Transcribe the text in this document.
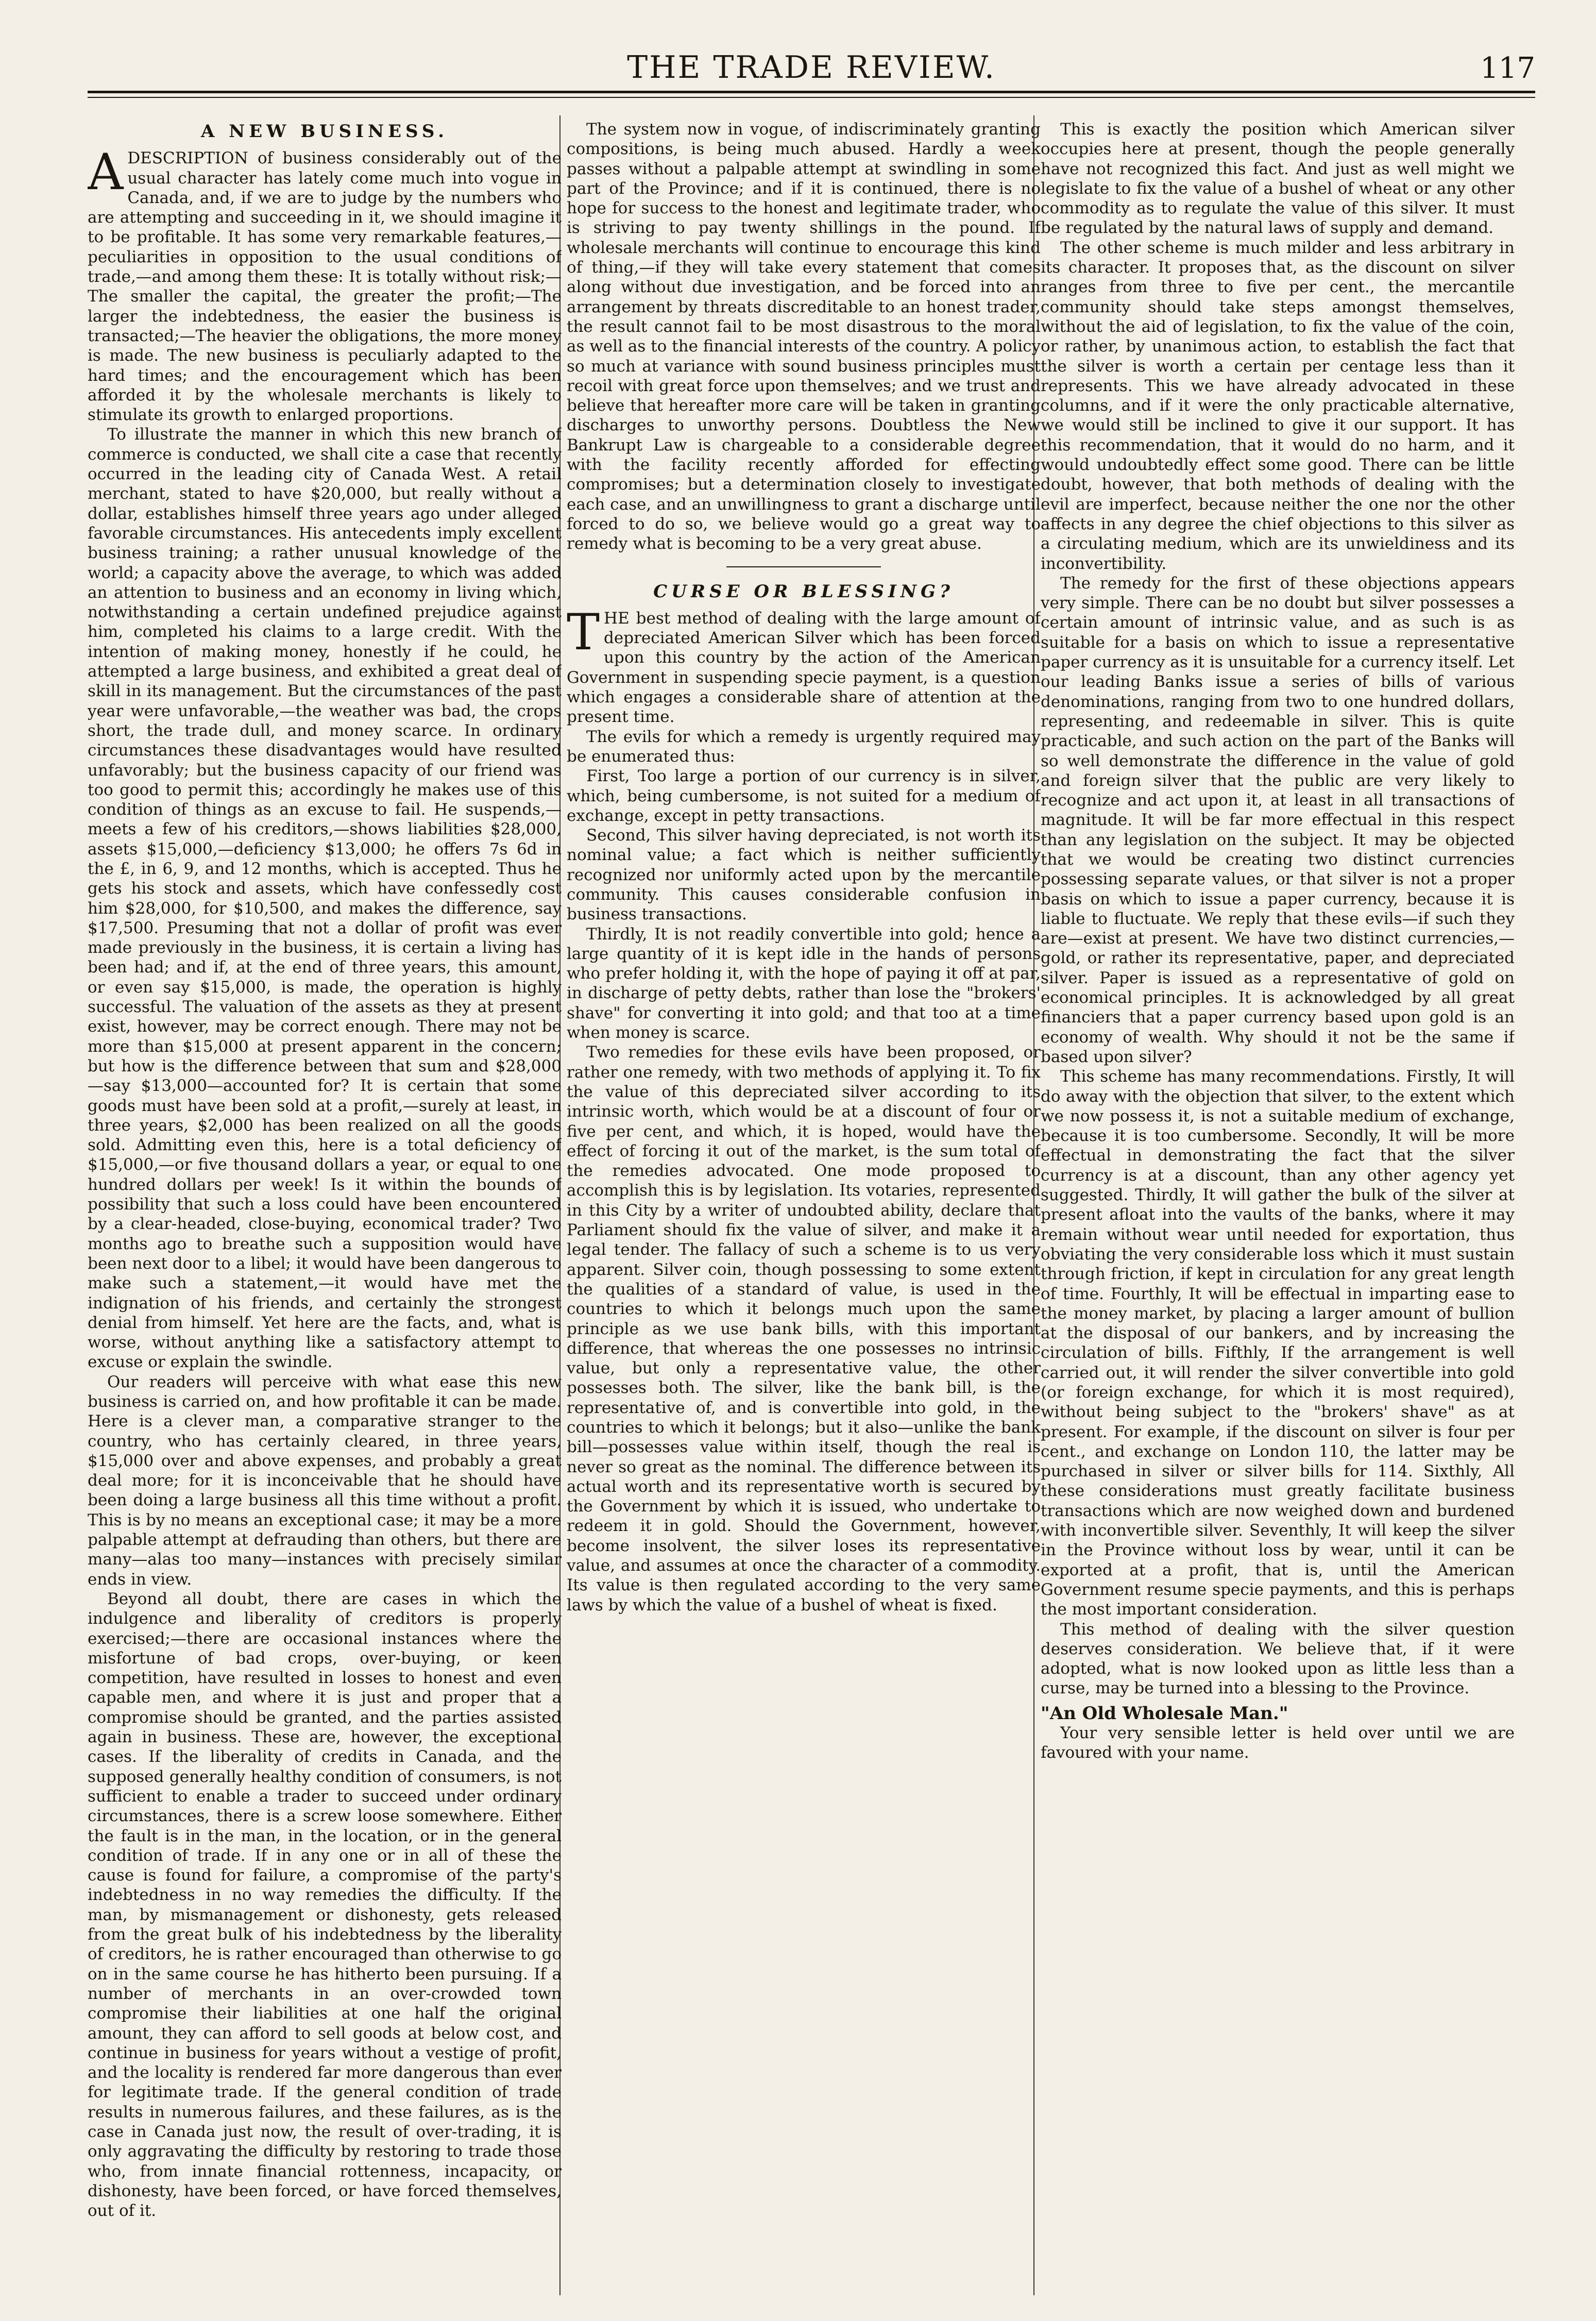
THE TRADE REVIEW.	117
A NEW BUSINESS.

ADESCRIPTION of business considerably out of the usual character has lately come much into vogue in Canada, and, if we are to judge by the numbers who are attempting and succeeding in it, we should imagine it to be profitable. It has some very remarkable features,—peculiarities in opposition to the usual conditions of trade,—and among them these: It is totally without risk;—The smaller the capital, the greater the profit;—The larger the indebtedness, the easier the business is transacted;—The heavier the obligations, the more money is made. The new business is peculiarly adapted to the hard times; and the encouragement which has been afforded it by the wholesale merchants is likely to stimulate its growth to enlarged proportions.

To illustrate the manner in which this new branch of commerce is conducted, we shall cite a case that recently occurred in the leading city of Canada West. A retail merchant, stated to have $20,000, but really without a dollar, establishes himself three years ago under alleged favorable circumstances. His antecedents imply excellent business training; a rather unusual knowledge of the world; a capacity above the average, to which was added an attention to business and an economy in living which, notwithstanding a certain undefined prejudice against him, completed his claims to a large credit. With the intention of making money, honestly if he could, he attempted a large business, and exhibited a great deal of skill in its management. But the circumstances of the past year were unfavorable,—the weather was bad, the crops short, the trade dull, and money scarce. In ordinary circumstances these disadvantages would have resulted unfavorably; but the business capacity of our friend was too good to permit this; accordingly he makes use of this condition of things as an excuse to fail. He suspends,—meets a few of his creditors,—shows liabilities $28,000, assets $15,000,—deficiency $13,000; he offers 7s 6d in the £, in 6, 9, and 12 months, which is accepted. Thus he gets his stock and assets, which have confessedly cost him $28,000, for $10,500, and makes the difference, say $17,500. Presuming that not a dollar of profit was ever made previously in the business, it is certain a living has been had; and if, at the end of three years, this amount, or even say $15,000, is made, the operation is highly successful. The valuation of the assets as they at present exist, however, may be correct enough. There may not be more than $15,000 at present apparent in the concern; but how is the difference between that sum and $28,000—say $13,000—accounted for? It is certain that some goods must have been sold at a profit,—surely at least, in three years, $2,000 has been realized on all the goods sold. Admitting even this, here is a total deficiency of $15,000,—or five thousand dollars a year, or equal to one hundred dollars per week! Is it within the bounds of possibility that such a loss could have been encountered by a clear-headed, close-buying, economical trader? Two months ago to breathe such a supposition would have been next door to a libel; it would have been dangerous to make such a statement,—it would have met the indignation of his friends, and certainly the strongest denial from himself. Yet here are the facts, and, what is worse, without anything like a satisfactory attempt to excuse or explain the swindle.

Our readers will perceive with what ease this new business is carried on, and how profitable it can be made. Here is a clever man, a comparative stranger to the country, who has certainly cleared, in three years, $15,000 over and above expenses, and probably a great deal more; for it is inconceivable that he should have been doing a large business all this time without a profit. This is by no means an exceptional case; it may be a more palpable attempt at defrauding than others, but there are many—alas too many—instances with precisely similar ends in view.

Beyond all doubt, there are cases in which the indulgence and liberality of creditors is properly exercised;—there are occasional instances where the misfortune of bad crops, over-buying, or keen competition, have resulted in losses to honest and even capable men, and where it is just and proper that a compromise should be granted, and the parties assisted again in business. These are, however, the exceptional cases. If the liberality of credits in Canada, and the supposed generally healthy condition of consumers, is not sufficient to enable a trader to succeed under ordinary circumstances, there is a screw loose somewhere. Either the fault is in the man, in the location, or in the general condition of trade. If in any one or in all of these the cause is found for failure, a compromise of the party's indebtedness in no way remedies the difficulty. If the man, by mismanagement or dishonesty, gets released from the great bulk of his indebtedness by the liberality of creditors, he is rather encouraged than otherwise to go on in the same course he has hitherto been pursuing. If a number of merchants in an over-crowded town compromise their liabilities at one half the original amount, they can afford to sell goods at below cost, and continue in business for years without a vestige of profit, and the locality is rendered far more dangerous than ever for legitimate trade. If the general condition of trade results in numerous failures, and these failures, as is the case in Canada just now, the result of over-trading, it is only aggravating the difficulty by restoring to trade those who, from innate financial rottenness, incapacity, or dishonesty, have been forced, or have forced themselves, out of it.

The system now in vogue, of indiscriminately granting compositions, is being much abused. Hardly a week passes without a palpable attempt at swindling in some part of the Province; and if it is continued, there is no hope for success to the honest and legitimate trader, who is striving to pay twenty shillings in the pound. If wholesale merchants will continue to encourage this kind of thing,—if they will take every statement that comes along without due investigation, and be forced into an arrangement by threats discreditable to an honest trader, the result cannot fail to be most disastrous to the moral as well as to the financial interests of the country. A policy so much at variance with sound business principles must recoil with great force upon themselves; and we trust and believe that hereafter more care will be taken in granting discharges to unworthy persons. Doubtless the New Bankrupt Law is chargeable to a considerable degree with the facility recently afforded for effecting compromises; but a determination closely to investigate each case, and an unwillingness to grant a discharge until forced to do so, we believe would go a great way to remedy what is becoming to be a very great abuse.

CURSE OR BLESSING?

THE best method of dealing with the large amount of depreciated American Silver which has been forced upon this country by the action of the American Government in suspending specie payment, is a question which engages a considerable share of attention at the present time.

The evils for which a remedy is urgently required may be enumerated thus:

First, Too large a portion of our currency is in silver, which, being cumbersome, is not suited for a medium of exchange, except in petty transactions.

Second, This silver having depreciated, is not worth its nominal value; a fact which is neither sufficiently recognized nor uniformly acted upon by the mercantile community. This causes considerable confusion in business transactions.

Thirdly, It is not readily convertible into gold; hence a large quantity of it is kept idle in the hands of persons who prefer holding it, with the hope of paying it off at par, in discharge of petty debts, rather than lose the "brokers' shave" for converting it into gold; and that too at a time when money is scarce.

Two remedies for these evils have been proposed, or rather one remedy, with two methods of applying it. To fix the value of this depreciated silver according to its intrinsic worth, which would be at a discount of four or five per cent, and which, it is hoped, would have the effect of forcing it out of the market, is the sum total of the remedies advocated. One mode proposed to accomplish this is by legislation. Its votaries, represented in this City by a writer of undoubted ability, declare that Parliament should fix the value of silver, and make it a legal tender. The fallacy of such a scheme is to us very apparent. Silver coin, though possessing to some extent the qualities of a standard of value, is used in the countries to which it belongs much upon the same principle as we use bank bills, with this important difference, that whereas the one possesses no intrinsic value, but only a representative value, the other possesses both. The silver, like the bank bill, is the representative of, and is convertible into gold, in the countries to which it belongs; but it also—unlike the bank bill—possesses value within itself, though the real is never so great as the nominal. The difference between its actual worth and its representative worth is secured by the Government by which it is issued, who undertake to redeem it in gold. Should the Government, however, become insolvent, the silver loses its representative value, and assumes at once the character of a commodity. Its value is then regulated according to the very same laws by which the value of a bushel of wheat is fixed.

This is exactly the position which American silver occupies here at present, though the people generally have not recognized this fact. And just as well might we legislate to fix the value of a bushel of wheat or any other commodity as to regulate the value of this silver. It must be regulated by the natural laws of supply and demand.

The other scheme is much milder and less arbitrary in its character. It proposes that, as the discount on silver ranges from three to five per cent., the mercantile community should take steps amongst themselves, without the aid of legislation, to fix the value of the coin, or rather, by unanimous action, to establish the fact that the silver is worth a certain per centage less than it represents. This we have already advocated in these columns, and if it were the only practicable alternative, we would still be inclined to give it our support. It has this recommendation, that it would do no harm, and it would undoubtedly effect some good. There can be little doubt, however, that both methods of dealing with the evil are imperfect, because neither the one nor the other affects in any degree the chief objections to this silver as a circulating medium, which are its unwieldiness and its inconvertibility.

The remedy for the first of these objections appears very simple. There can be no doubt but silver possesses a certain amount of intrinsic value, and as such is as suitable for a basis on which to issue a representative paper currency as it is unsuitable for a currency itself. Let our leading Banks issue a series of bills of various denominations, ranging from two to one hundred dollars, representing, and redeemable in silver. This is quite practicable, and such action on the part of the Banks will so well demonstrate the difference in the value of gold and foreign silver that the public are very likely to recognize and act upon it, at least in all transactions of magnitude. It will be far more effectual in this respect than any legislation on the subject. It may be objected that we would be creating two distinct currencies possessing separate values, or that silver is not a proper basis on which to issue a paper currency, because it is liable to fluctuate. We reply that these evils—if such they are—exist at present. We have two distinct currencies,—gold, or rather its representative, paper, and depreciated silver. Paper is issued as a representative of gold on economical principles. It is acknowledged by all great financiers that a paper currency based upon gold is an economy of wealth. Why should it not be the same if based upon silver?

This scheme has many recommendations. Firstly, It will do away with the objection that silver, to the extent which we now possess it, is not a suitable medium of exchange, because it is too cumbersome. Secondly, It will be more effectual in demonstrating the fact that the silver currency is at a discount, than any other agency yet suggested. Thirdly, It will gather the bulk of the silver at present afloat into the vaults of the banks, where it may remain without wear until needed for exportation, thus obviating the very considerable loss which it must sustain through friction, if kept in circulation for any great length of time. Fourthly, It will be effectual in imparting ease to the money market, by placing a larger amount of bullion at the disposal of our bankers, and by increasing the circulation of bills. Fifthly, If the arrangement is well carried out, it will render the silver convertible into gold (or foreign exchange, for which it is most required), without being subject to the "brokers' shave" as at present. For example, if the discount on silver is four per cent., and exchange on London 110, the latter may be purchased in silver or silver bills for 114. Sixthly, All these considerations must greatly facilitate business transactions which are now weighed down and burdened with inconvertible silver. Seventhly, It will keep the silver in the Province without loss by wear, until it can be exported at a profit, that is, until the American Government resume specie payments, and this is perhaps the most important consideration.

This method of dealing with the silver question deserves consideration. We believe that, if it were adopted, what is now looked upon as little less than a curse, may be turned into a blessing to the Province.

"An Old Wholesale Man."

Your very sensible letter is held over until we are favoured with your name.
